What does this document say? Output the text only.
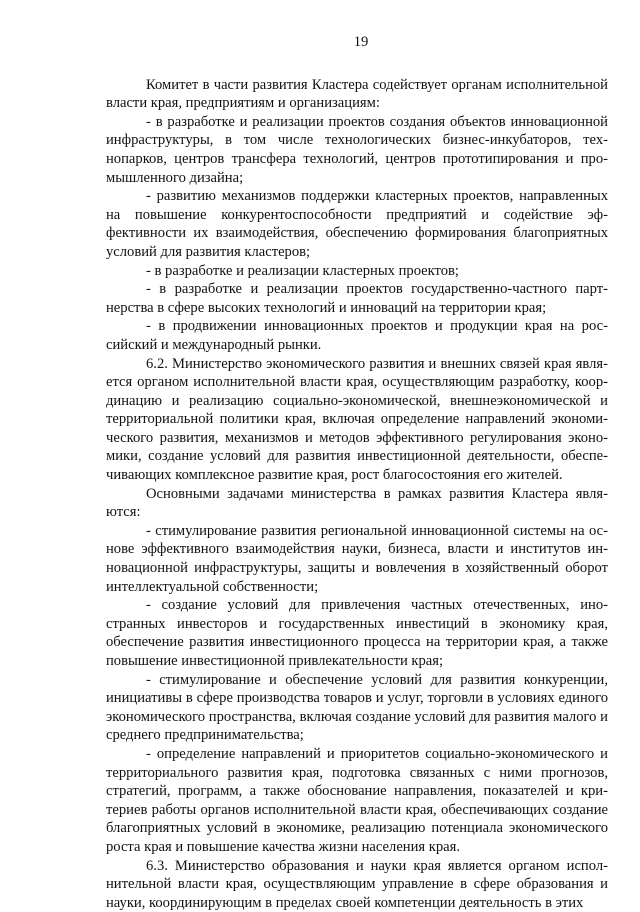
19

Комитет в части развития Кластера содействует органам исполнительной власти края, предприятиям и организациям:

- в разработке и реализации проектов создания объектов инновационной инфраструктуры, в том числе технологических бизнес-инкубаторов, технопарков, центров трансфера технологий, центров прототипирования и промышленного дизайна;

- развитию механизмов поддержки кластерных проектов, направленных на повышение конкурентоспособности предприятий и содействие эффективности их взаимодействия, обеспечению формирования благоприятных условий для развития кластеров;

- в разработке и реализации кластерных проектов;

- в разработке и реализации проектов государственно-частного партнерства в сфере высоких технологий и инноваций на территории края;

- в продвижении инновационных проектов и продукции края на российский и международный рынки.

6.2. Министерство экономического развития и внешних связей края является органом исполнительной власти края, осуществляющим разработку, координацию и реализацию социально-экономической, внешнеэкономической и территориальной политики края, включая определение направлений экономического развития, механизмов и методов эффективного регулирования экономики, создание условий для развития инвестиционной деятельности, обеспечивающих комплексное развитие края, рост благосостояния его жителей.

Основными задачами министерства в рамках развития Кластера являются:

- стимулирование развития региональной инновационной системы на основе эффективного взаимодействия науки, бизнеса, власти и институтов инновационной инфраструктуры, защиты и вовлечения в хозяйственный оборот интеллектуальной собственности;

- создание условий для привлечения частных отечественных, иностранных инвесторов и государственных инвестиций в экономику края, обеспечение развития инвестиционного процесса на территории края, а также повышение инвестиционной привлекательности края;

- стимулирование и обеспечение условий для развития конкуренции, инициативы в сфере производства товаров и услуг, торговли в условиях единого экономического пространства, включая создание условий для развития малого и среднего предпринимательства;

- определение направлений и приоритетов социально-экономического и территориального развития края, подготовка связанных с ними прогнозов, стратегий, программ, а также обоснование направления, показателей и критериев работы органов исполнительной власти края, обеспечивающих создание благоприятных условий в экономике, реализацию потенциала экономического роста края и повышение качества жизни населения края.

6.3. Министерство образования и науки края является органом исполнительной власти края, осуществляющим управление в сфере образования и науки, координирующим в пределах своей компетенции деятельность в этих
